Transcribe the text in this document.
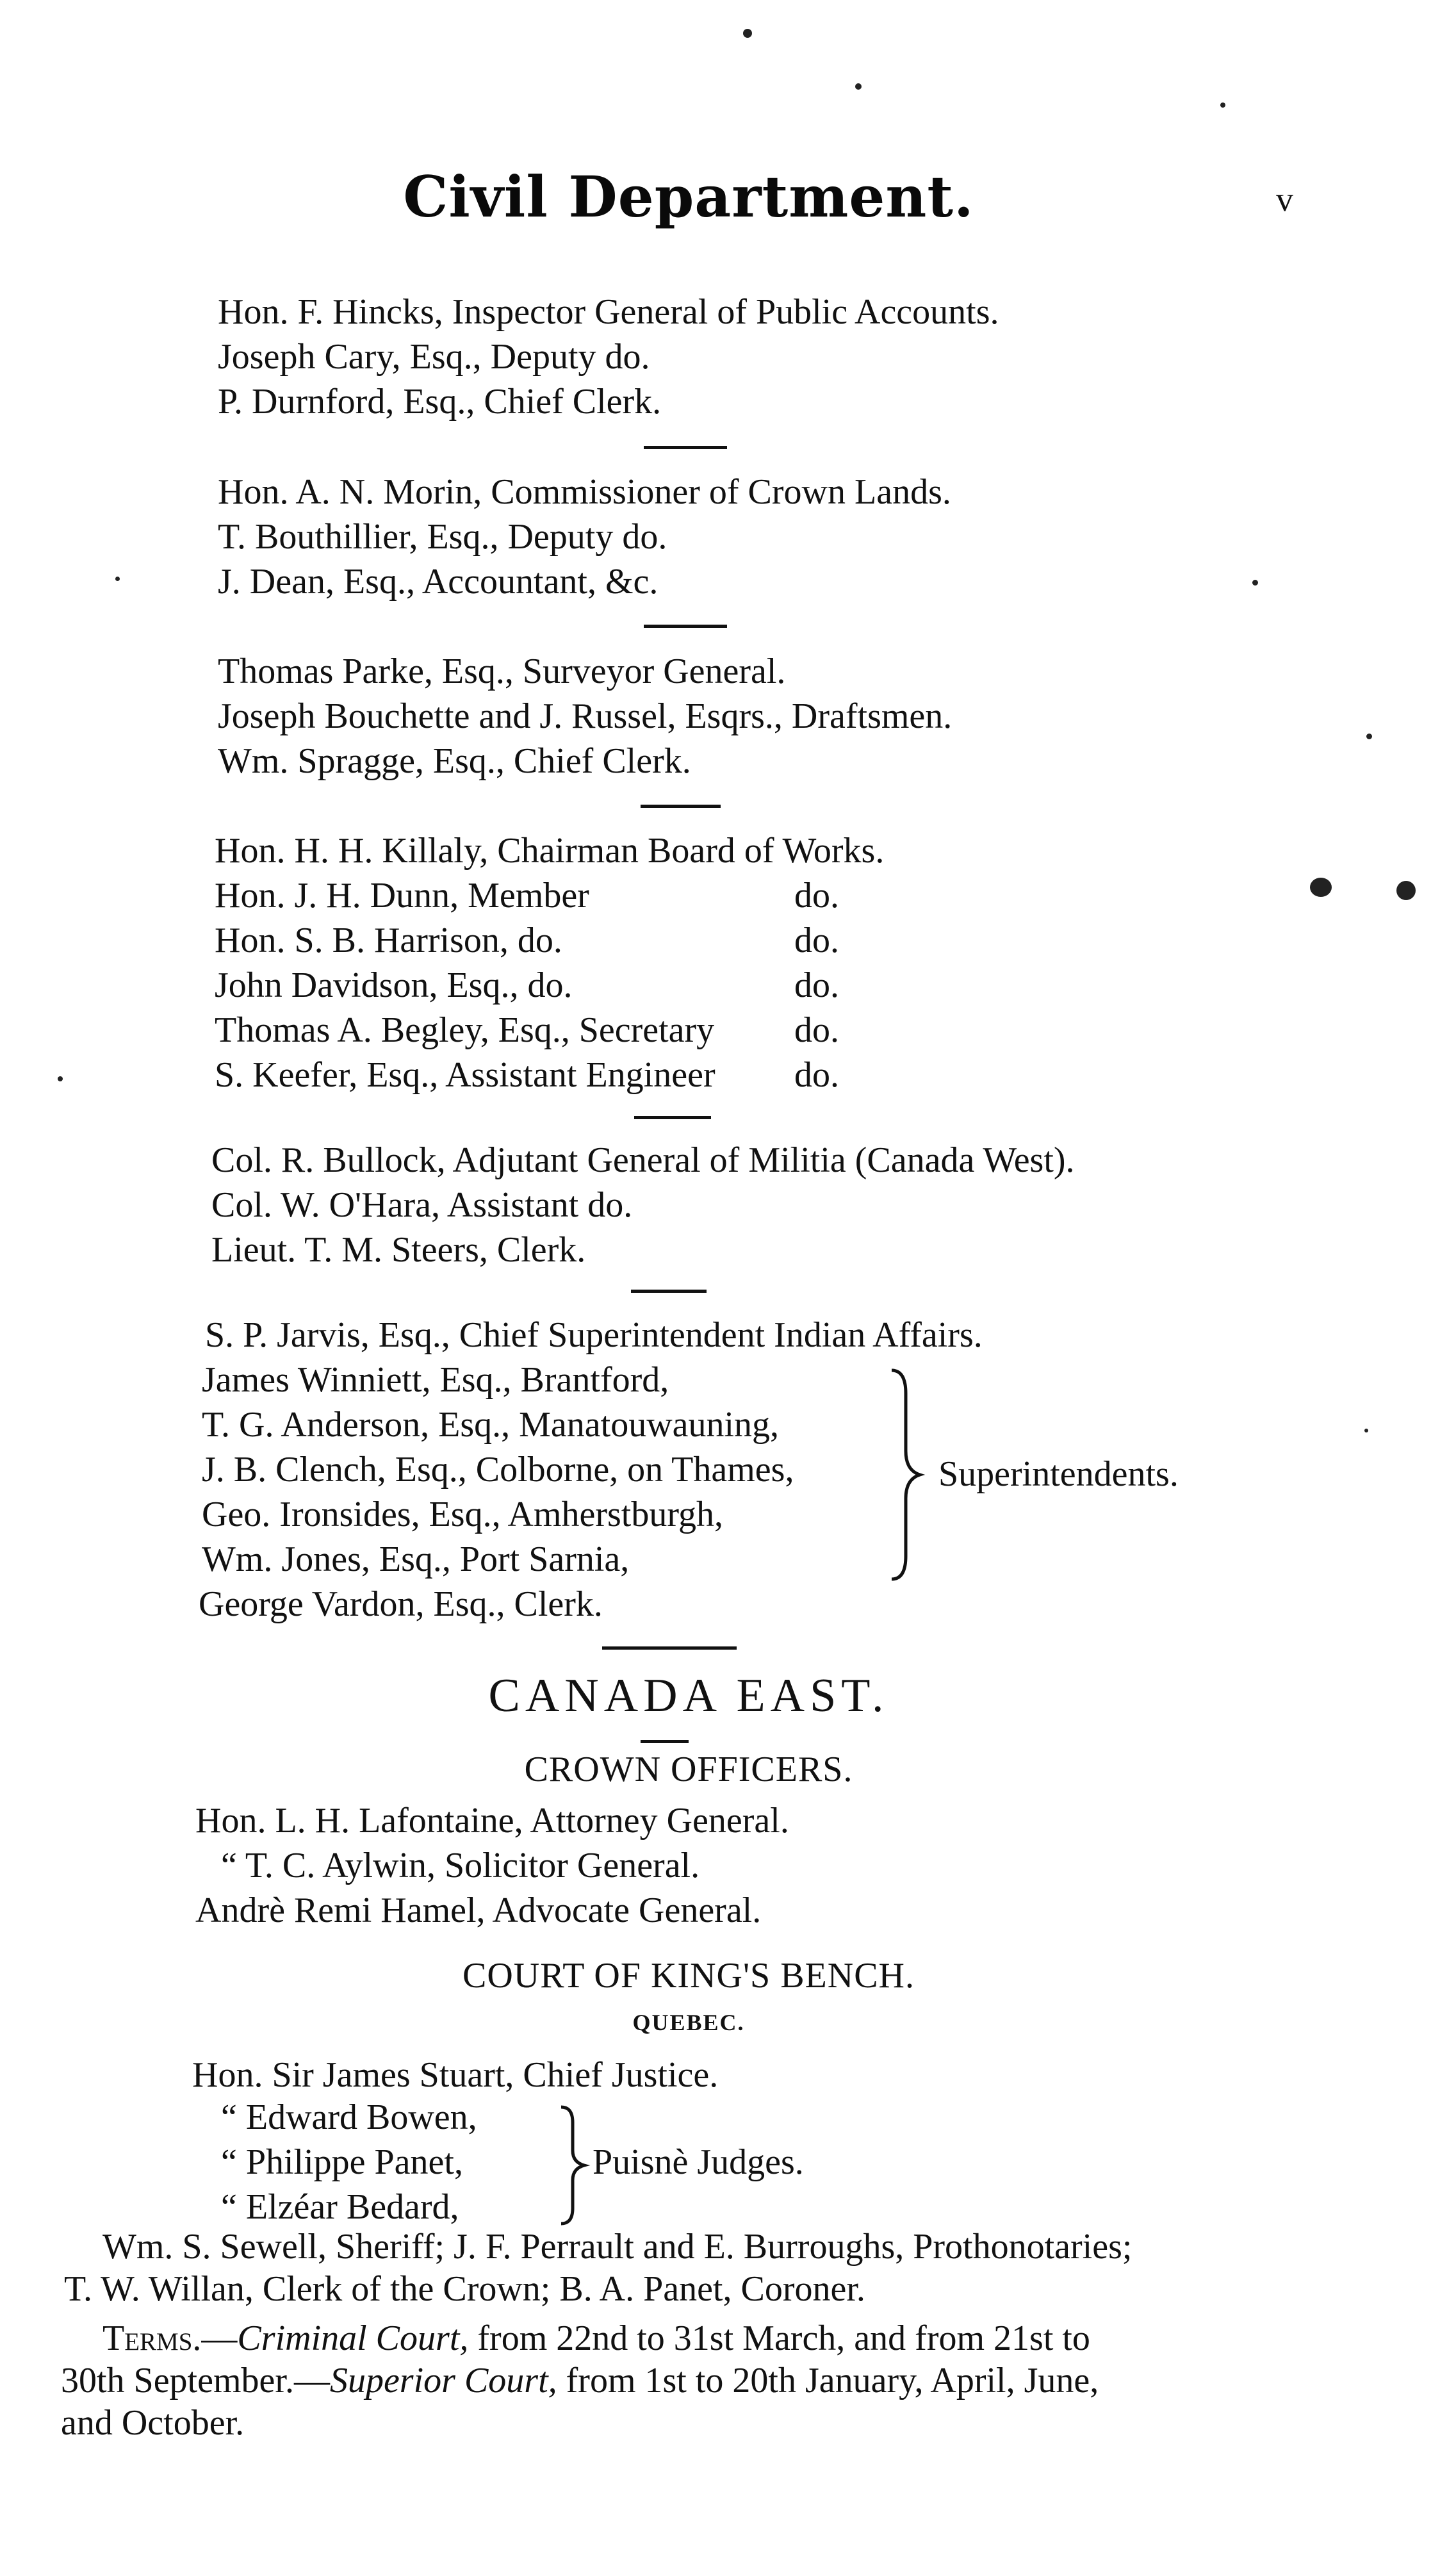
v
Civil Department.
Hon. F. Hincks, Inspector General of Public Accounts.
Joseph Cary, Esq., Deputy do.
P. Durnford, Esq., Chief Clerk.
Hon. A. N. Morin, Commissioner of Crown Lands.
T. Bouthillier, Esq., Deputy do.
J. Dean, Esq., Accountant, &c.
Thomas Parke, Esq., Surveyor General.
Joseph Bouchette and J. Russel, Esqrs., Draftsmen.
Wm. Spragge, Esq., Chief Clerk.
Hon. H. H. Killaly, Chairman Board of Works.
Hon. J. H. Dunn, Member	do.
Hon. S. B. Harrison, do.	do.
John Davidson, Esq., do.	do.
Thomas A. Begley, Esq., Secretary do.
S. Keefer, Esq., Assistant Engineer do.
Col. R. Bullock, Adjutant General of Militia (Canada West).
Col. W. O'Hara, Assistant do.
Lieut. T. M. Steers, Clerk.
S. P. Jarvis, Esq., Chief Superintendent Indian Affairs.
James Winniett, Esq., Brantford,
T. G. Anderson, Esq., Manatouwauning,
J. B. Clench, Esq., Colborne, on Thames,
Geo. Ironsides, Esq., Amherstburgh,
Wm. Jones, Esq., Port Sarnia,
Superintendents.
George Vardon, Esq., Clerk.
CANADA EAST.
CROWN OFFICERS.
Hon. L. H. Lafontaine, Attorney General.
“ T. C. Aylwin, Solicitor General.
Andrè Remi Hamel, Advocate General.
COURT OF KING'S BENCH.
QUEBEC.
Hon. Sir James Stuart, Chief Justice.
“ Edward Bowen,
“ Philippe Panet,
“ Elzéar Bedard,
Puisnè Judges.
Wm. S. Sewell, Sheriff; J. F. Perrault and E. Burroughs, Prothonotaries;
T. W. Willan, Clerk of the Crown; B. A. Panet, Coroner.
Terms.—Criminal Court, from 22nd to 31st March, and from 21st to
30th September.—Superior Court, from 1st to 20th January, April, June,
and October.
